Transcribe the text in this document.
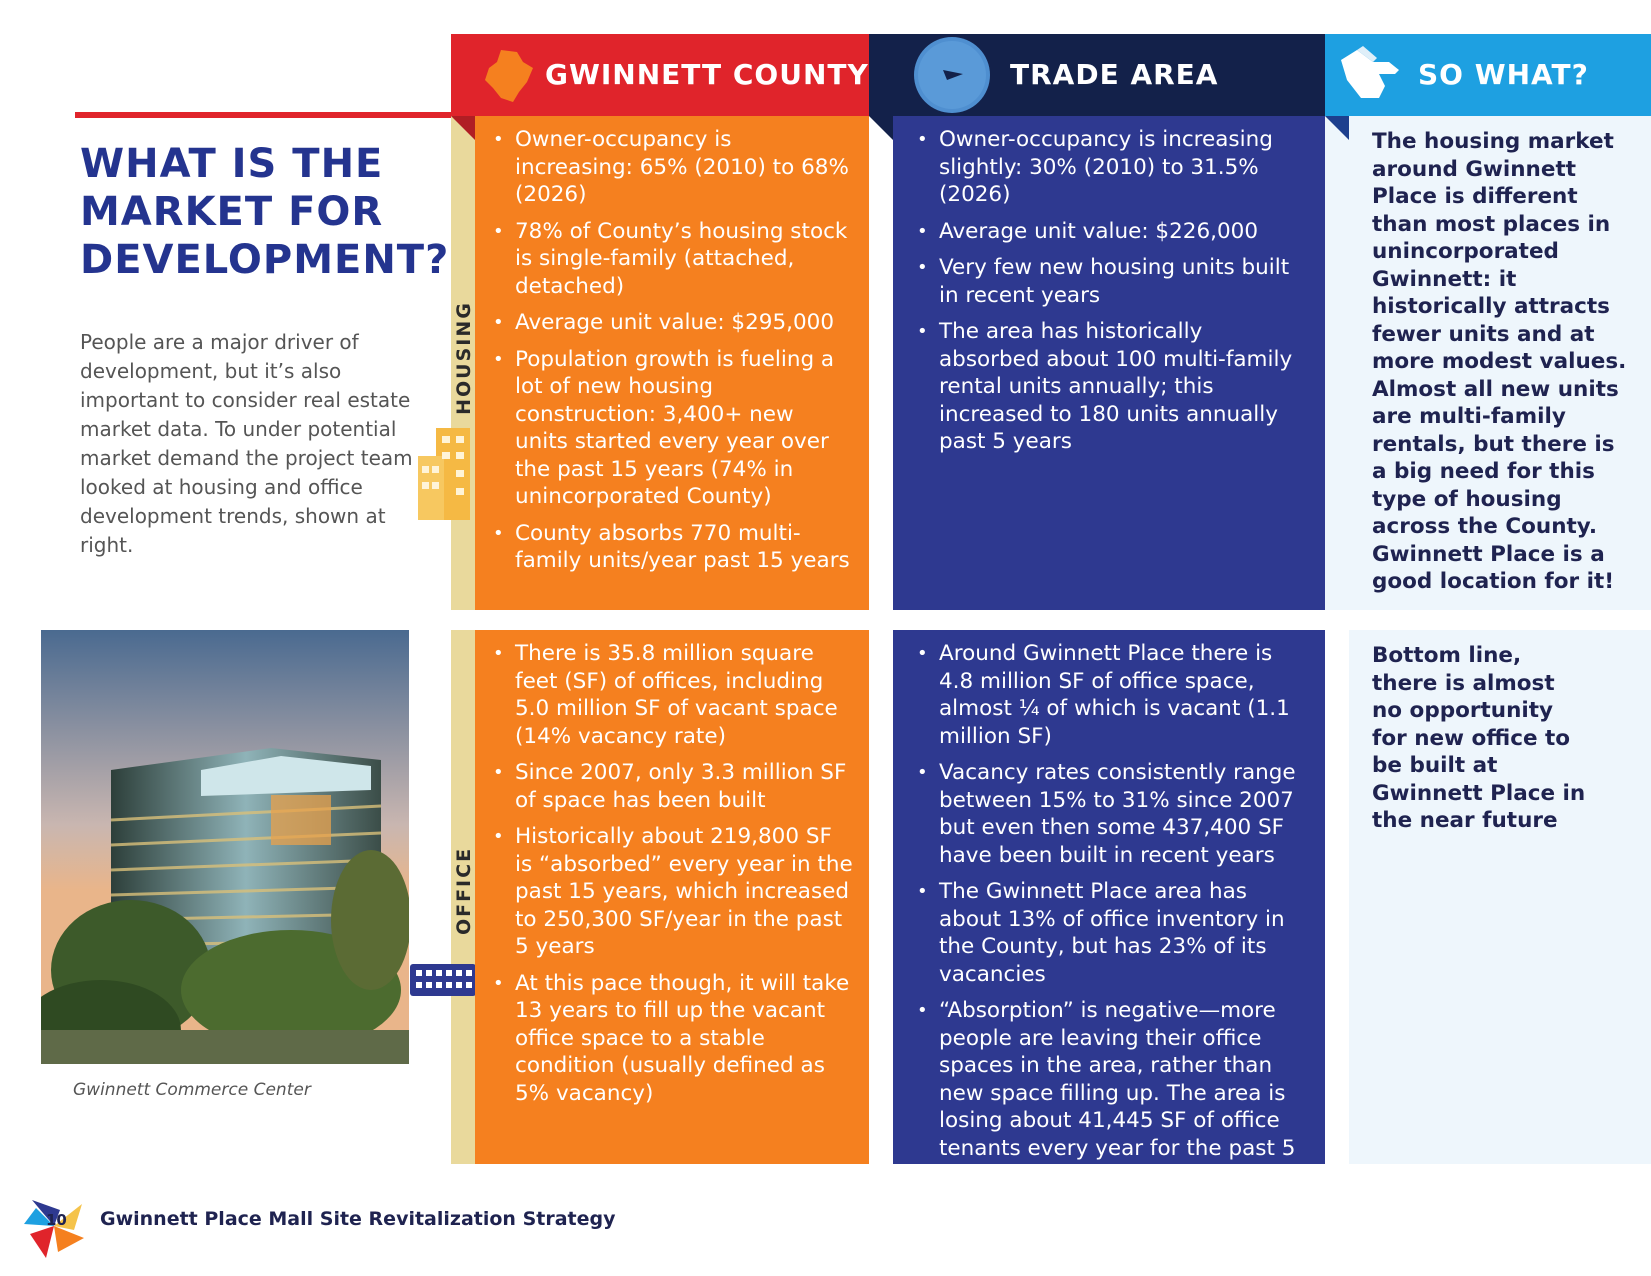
GWINNETT COUNTY	TRADE AREA	SO WHAT?
WHAT IS THE
MARKET FOR
DEVELOPMENT?
People are a major driver of development, but it’s also important to consider real estate market data. To under potential market demand the project team looked at housing and office development trends, shown at right.
Gwinnett Commerce Center
HOUSING
• Owner-occupancy is increasing: 65% (2010) to 68% (2026)
• 78% of County’s housing stock is single-family (attached, detached)
• Average unit value: $295,000
• Population growth is fueling a lot of new housing construction: 3,400+ new units started every year over the past 15 years (74% in unincorporated County)
• County absorbs 770 multi-family units/year past 15 years
• Owner-occupancy is increasing slightly: 30% (2010) to 31.5% (2026)
• Average unit value: $226,000
• Very few new housing units built in recent years
• The area has historically absorbed about 100 multi-family rental units annually; this increased to 180 units annually past 5 years
The housing market around Gwinnett Place is different than most places in unincorporated Gwinnett: it historically attracts fewer units and at more modest values. Almost all new units are multi-family rentals, but there is a big need for this type of housing across the County. Gwinnett Place is a good location for it!
OFFICE
• There is 35.8 million square feet (SF) of offices, including 5.0 million SF of vacant space (14% vacancy rate)
• Since 2007, only 3.3 million SF of space has been built
• Historically about 219,800 SF is “absorbed” every year in the past 15 years, which increased to 250,300 SF/year in the past 5 years
• At this pace though, it will take 13 years to fill up the vacant office space to a stable condition (usually defined as 5% vacancy)
• Around Gwinnett Place there is 4.8 million SF of office space, almost ¼ of which is vacant (1.1 million SF)
• Vacancy rates consistently range between 15% to 31% since 2007 but even then some 437,400 SF have been built in recent years
• The Gwinnett Place area has about 13% of office inventory in the County, but has 23% of its vacancies
• “Absorption” is negative—more people are leaving their office spaces in the area, rather than new space filling up. The area is losing about 41,445 SF of office tenants every year for the past 5 years
Bottom line, there is almost no opportunity for new office to be built at Gwinnett Place in the near future
10 Gwinnett Place Mall Site Revitalization Strategy
